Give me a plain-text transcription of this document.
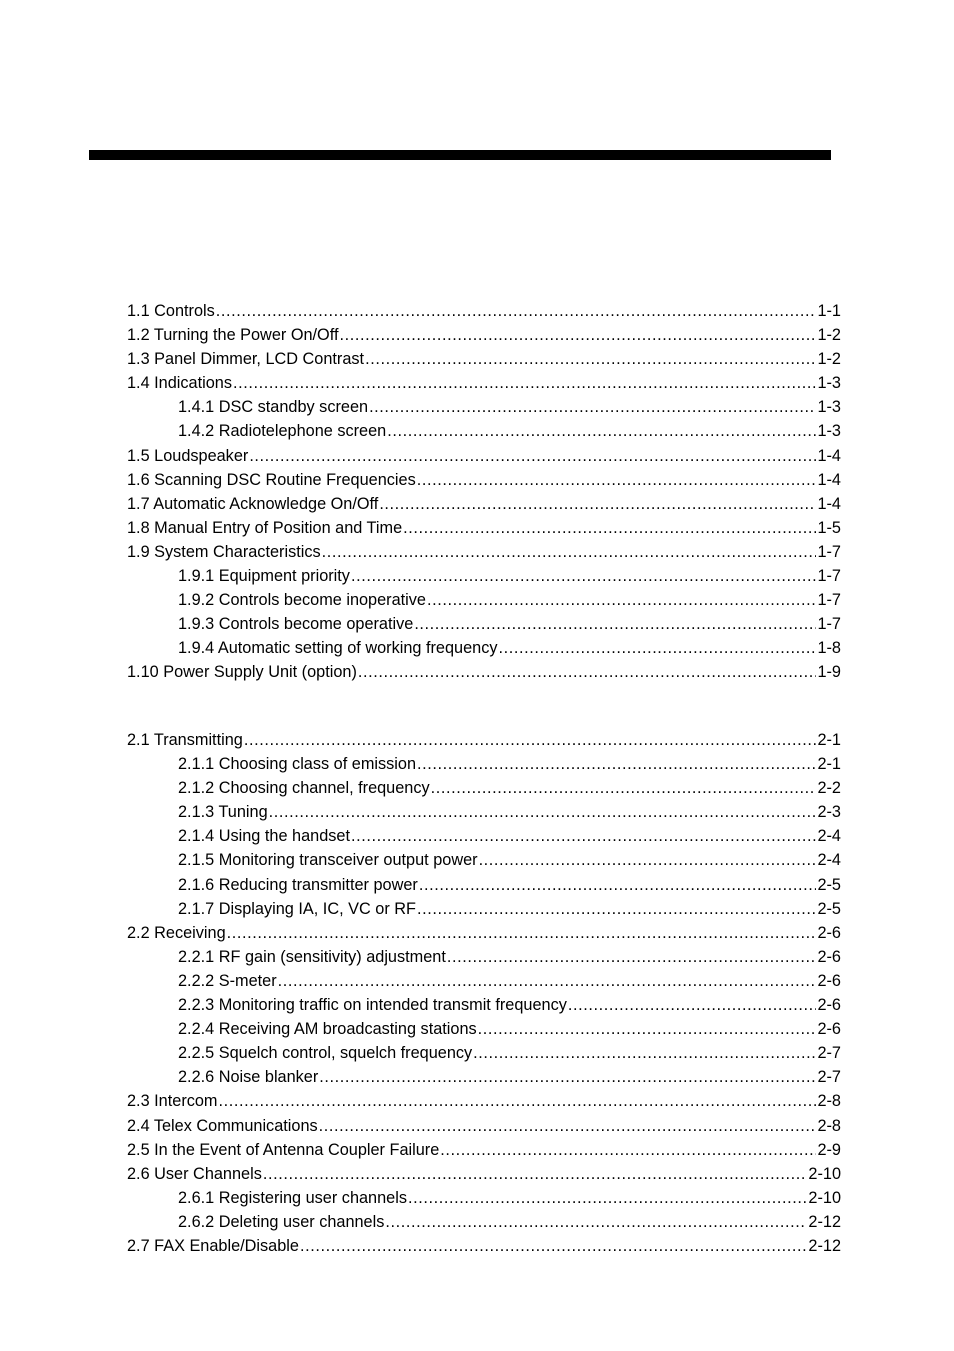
1.1 Controls .....	1-1
1.2 Turning the Power On/Off .....	1-2
1.3 Panel Dimmer, LCD Contrast .....	1-2
1.4 Indications .....	1-3
1.4.1 DSC standby screen .....	1-3
1.4.2 Radiotelephone screen .....	1-3
1.5 Loudspeaker .....	1-4
1.6 Scanning DSC Routine Frequencies .....	1-4
1.7 Automatic Acknowledge On/Off .....	1-4
1.8 Manual Entry of Position and Time .....	1-5
1.9 System Characteristics .....	1-7
1.9.1 Equipment priority .....	1-7
1.9.2 Controls become inoperative .....	1-7
1.9.3 Controls become operative .....	1-7
1.9.4 Automatic setting of working frequency .....	1-8
1.10 Power Supply Unit (option) .....	1-9
2.1 Transmitting .....	2-1
2.1.1 Choosing class of emission .....	2-1
2.1.2 Choosing channel, frequency .....	2-2
2.1.3 Tuning .....	2-3
2.1.4 Using the handset .....	2-4
2.1.5 Monitoring transceiver output power .....	2-4
2.1.6 Reducing transmitter power .....	2-5
2.1.7 Displaying IA, IC, VC or RF .....	2-5
2.2 Receiving .....	2-6
2.2.1 RF gain (sensitivity) adjustment .....	2-6
2.2.2 S-meter .....	2-6
2.2.3 Monitoring traffic on intended transmit frequency .....	2-6
2.2.4 Receiving AM broadcasting stations .....	2-6
2.2.5 Squelch control, squelch frequency .....	2-7
2.2.6 Noise blanker .....	2-7
2.3 Intercom .....	2-8
2.4 Telex Communications .....	2-8
2.5 In the Event of Antenna Coupler Failure .....	2-9
2.6 User Channels .....	2-10
2.6.1 Registering user channels .....	2-10
2.6.2 Deleting user channels .....	2-12
2.7 FAX Enable/Disable .....	2-12
